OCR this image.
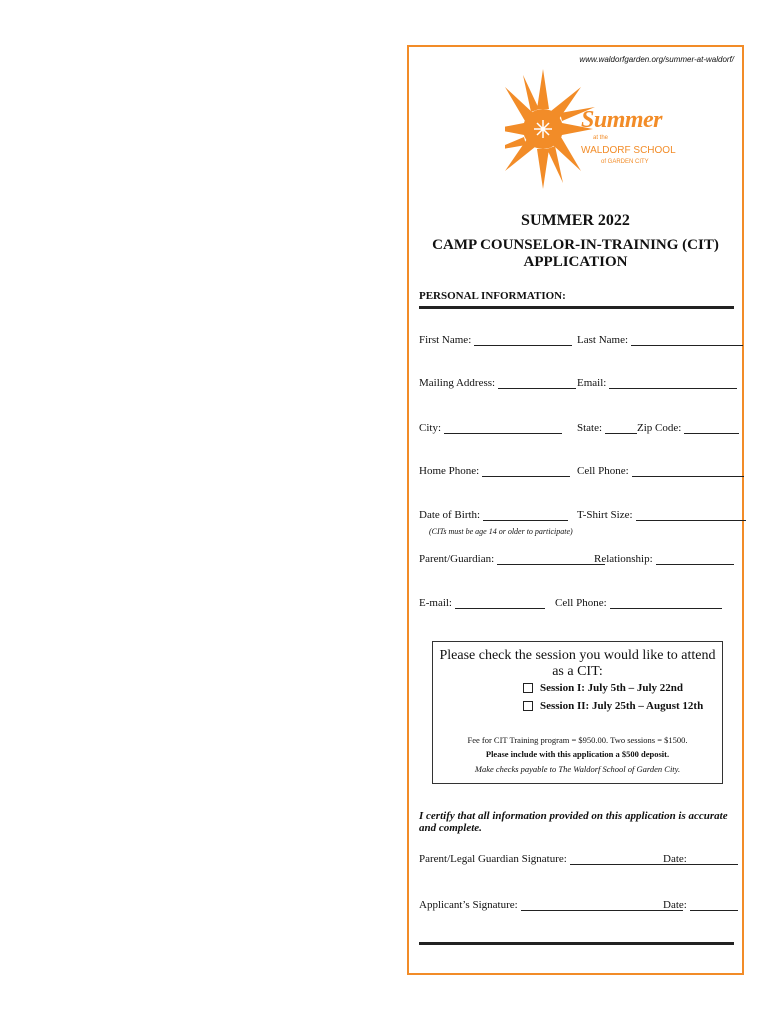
www.waldorfgarden.org/summer-at-waldorf/
Summer
at the
WALDORF SCHOOL
of GARDEN CITY
SUMMER 2022
CAMP COUNSELOR-IN-TRAINING (CIT) APPLICATION
PERSONAL INFORMATION:
First Name:	Last Name:
Mailing Address:	Email:
City:	State:	Zip Code:
Home Phone:	Cell Phone:
Date of Birth:	T-Shirt Size:
(CITs must be age 14 or older to participate)
Parent/Guardian:	Relationship:
E-mail:	Cell Phone:
Please check the session you would like to attend as a CIT:
Session I: July 5th – July 22nd
Session II: July 25th – August 12th
Fee for CIT Training program = $950.00. Two sessions = $1500.
Please include with this application a $500 deposit.
Make checks payable to The Waldorf School of Garden City.
I certify that all information provided on this application is accurate and complete.
Parent/Legal Guardian Signature:	Date:
Applicant’s Signature:	Date:
